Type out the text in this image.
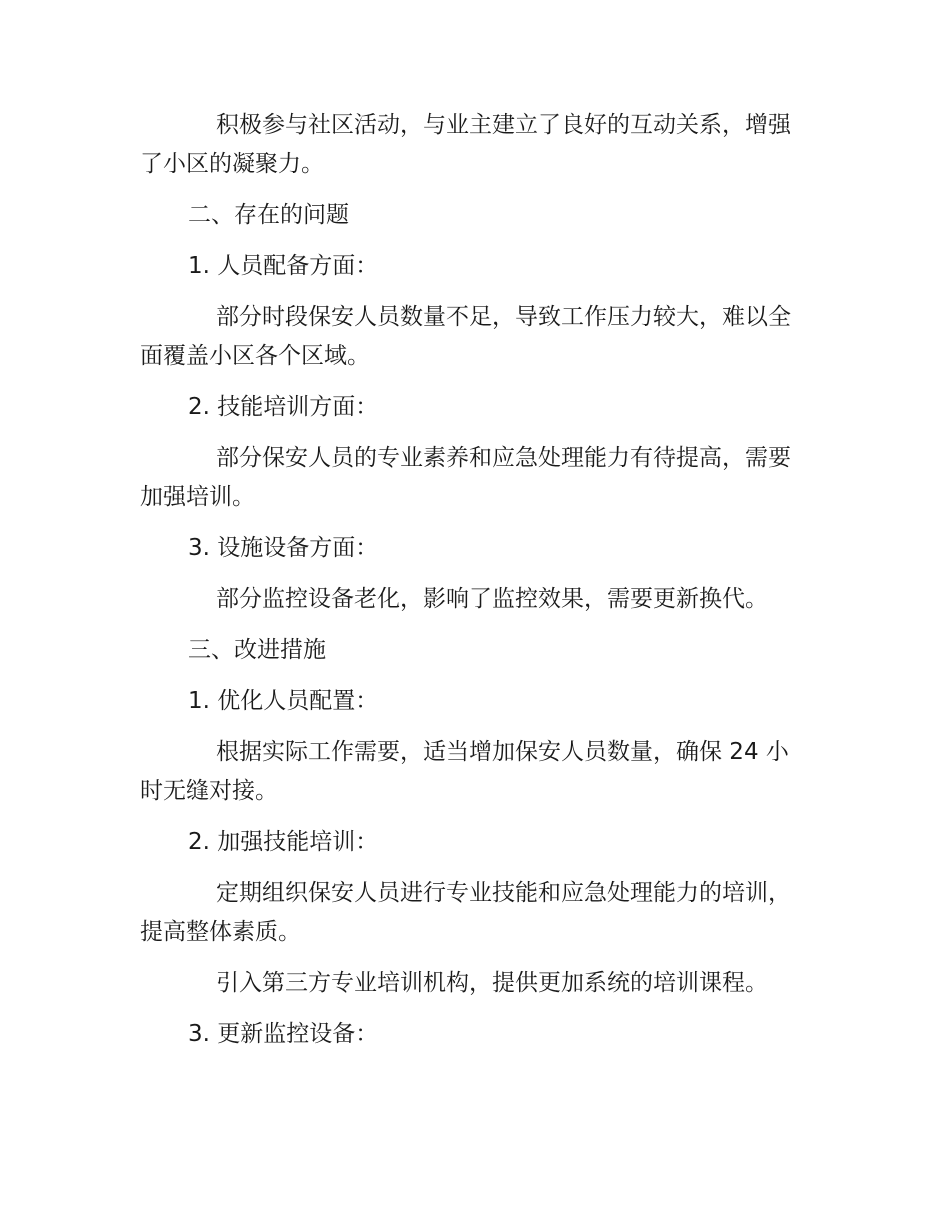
积极参与社区活动，与业主建立了良好的互动关系，增强了小区的凝聚力。

二、存在的问题

1. 人员配备方面：

部分时段保安人员数量不足，导致工作压力较大，难以全面覆盖小区各个区域。

2. 技能培训方面：

部分保安人员的专业素养和应急处理能力有待提高，需要加强培训。

3. 设施设备方面：

部分监控设备老化，影响了监控效果，需要更新换代。

三、改进措施

1. 优化人员配置：

根据实际工作需要，适当增加保安人员数量，确保 24 小时无缝对接。

2. 加强技能培训：

定期组织保安人员进行专业技能和应急处理能力的培训，提高整体素质。

引入第三方专业培训机构，提供更加系统的培训课程。

3. 更新监控设备：
